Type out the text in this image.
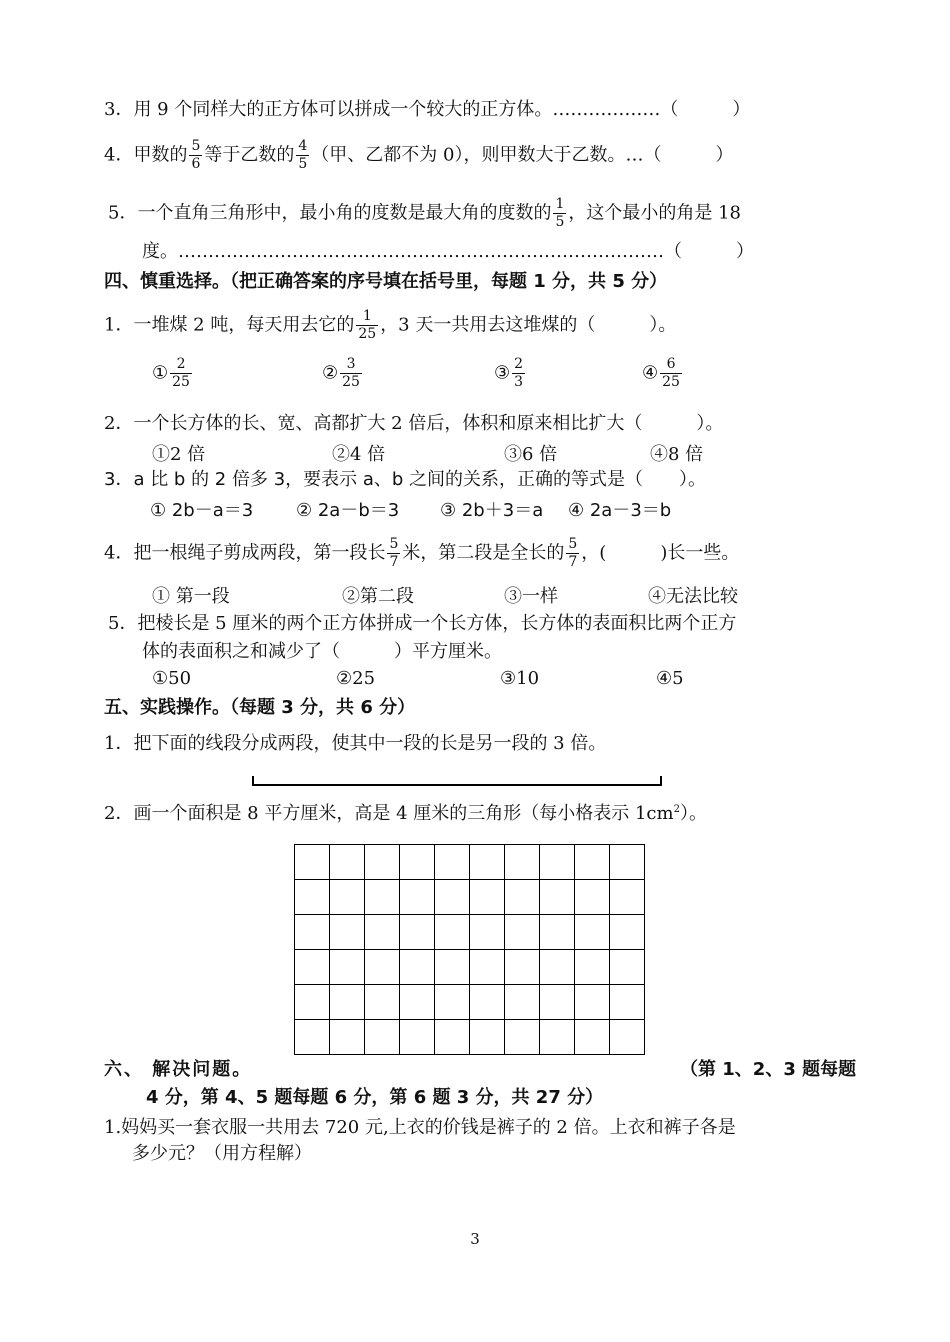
3．用 9 个同样大的正方体可以拼成一个较大的正方体。………………（　　　）
4．甲数的 $\frac{5}{6}$ 等于乙数的 $\frac{4}{5}$ （甲、乙都不为 0），则甲数大于乙数。…（　　　）
5．一个直角三角形中，最小角的度数是最大角的度数的 $\frac{1}{5}$ ，这个最小的角是 18
度。………………………………………………………………………（　　　）
四、慎重选择。（把正确答案的序号填在括号里，每题 1 分，共 5 分）
1．一堆煤 2 吨，每天用去它的 $\frac{1}{25}$ ，3 天一共用去这堆煤的（　　　）。
① $\frac{2}{25}$	② $\frac{3}{25}$	③ $\frac{2}{3}$	④ $\frac{6}{25}$
2．一个长方体的长、宽、高都扩大 2 倍后，体积和原来相比扩大（　　　）。
①2 倍	②4 倍	③6 倍	④8 倍
3．a 比 b 的 2 倍多 3，要表示 a、b 之间的关系，正确的等式是（　　）。
① 2b－a＝3 ② 2a－b＝3 ③ 2b＋3＝a ④ 2a－3＝b
4．把一根绳子剪成两段，第一段长 $\frac{5}{7}$ 米，第二段是全长的 $\frac{5}{7}$ ，(　　　)长一些。
① 第一段	②第二段	③一样	④无法比较
5．把棱长是 5 厘米的两个正方体拼成一个长方体，长方体的表面积比两个正方
体的表面积之和减少了（　　　）平方厘米。
①50	②25	③10	④5
五、实践操作。（每题 3 分，共 6 分）
1．把下面的线段分成两段，使其中一段的长是另一段的 3 倍。
2．画一个面积是 8 平方厘米，高是 4 厘米的三角形（每小格表示 $1cm^2$）。

六、 解决问题。	（第 1、2、3 题每题
4 分，第 4、5 题每题 6 分，第 6 题 3 分，共 27 分）
1.妈妈买一套衣服一共用去 720 元,上衣的价钱是裤子的 2 倍。上衣和裤子各是
多少元？（用方程解）
3
